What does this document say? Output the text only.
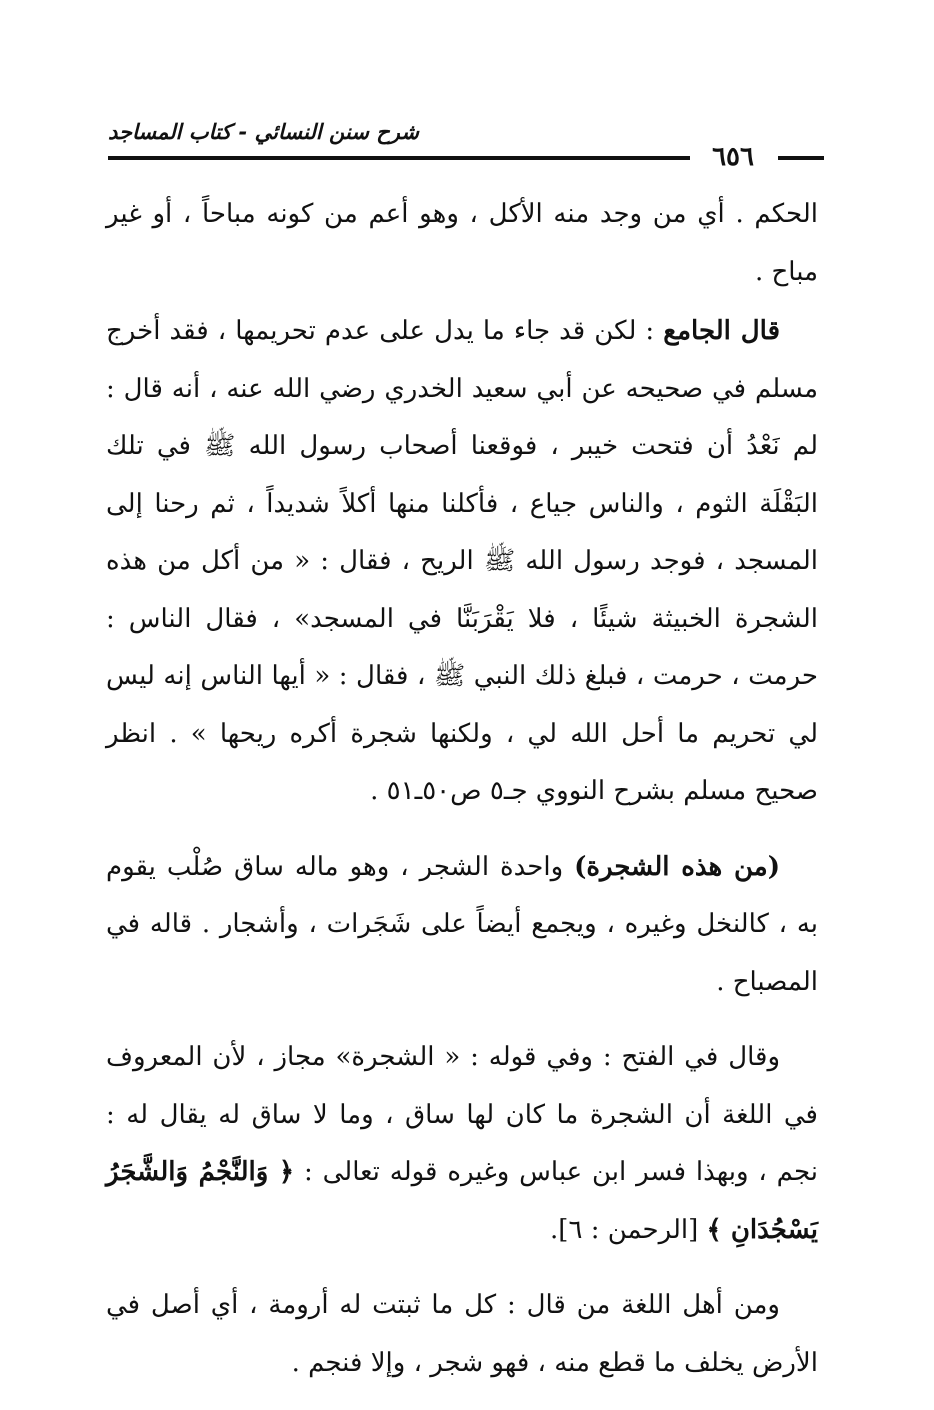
شرح سنن النسائي - كتاب المساجد
٦٥٦

الحكم . أي من وجد منه الأكل ، وهو أعم من كونه مباحاً ، أو غير مباح .

قال الجامع : لكن قد جاء ما يدل على عدم تحريمها ، فقد أخرج مسلم في صحيحه عن أبي سعيد الخدري رضي الله عنه ، أنه قال : لم نَعْدُ أن فتحت خيبر ، فوقعنا أصحاب رسول الله ﷺ في تلك البَقْلَة الثوم ، والناس جياع ، فأكلنا منها أكلاً شديداً ، ثم رحنا إلى المسجد ، فوجد رسول الله ﷺ الريح ، فقال : « من أكل من هذه الشجرة الخبيثة شيئًا ، فلا يَقْرَبَنَّا في المسجد» ، فقال الناس : حرمت ، حرمت ، فبلغ ذلك النبي ﷺ ، فقال : « أيها الناس إنه ليس لي تحريم ما أحل الله لي ، ولكنها شجرة أكره ريحها » . انظر صحيح مسلم بشرح النووي جـ٥ ص٥٠ـ٥١ .

(من هذه الشجرة) واحدة الشجر ، وهو ماله ساق صُلْب يقوم به ، كالنخل وغيره ، ويجمع أيضاً على شَجَرات ، وأشجار . قاله في المصباح .

وقال في الفتح : وفي قوله : « الشجرة» مجاز ، لأن المعروف في اللغة أن الشجرة ما كان لها ساق ، وما لا ساق له يقال له : نجم ، وبهذا فسر ابن عباس وغيره قوله تعالى : ﴿ وَالنَّجْمُ وَالشَّجَرُ يَسْجُدَانِ ﴾ [الرحمن : ٦].

ومن أهل اللغة من قال : كل ما ثبتت له أرومة ، أي أصل في الأرض يخلف ما قطع منه ، فهو شجر ، وإلا فنجم .
